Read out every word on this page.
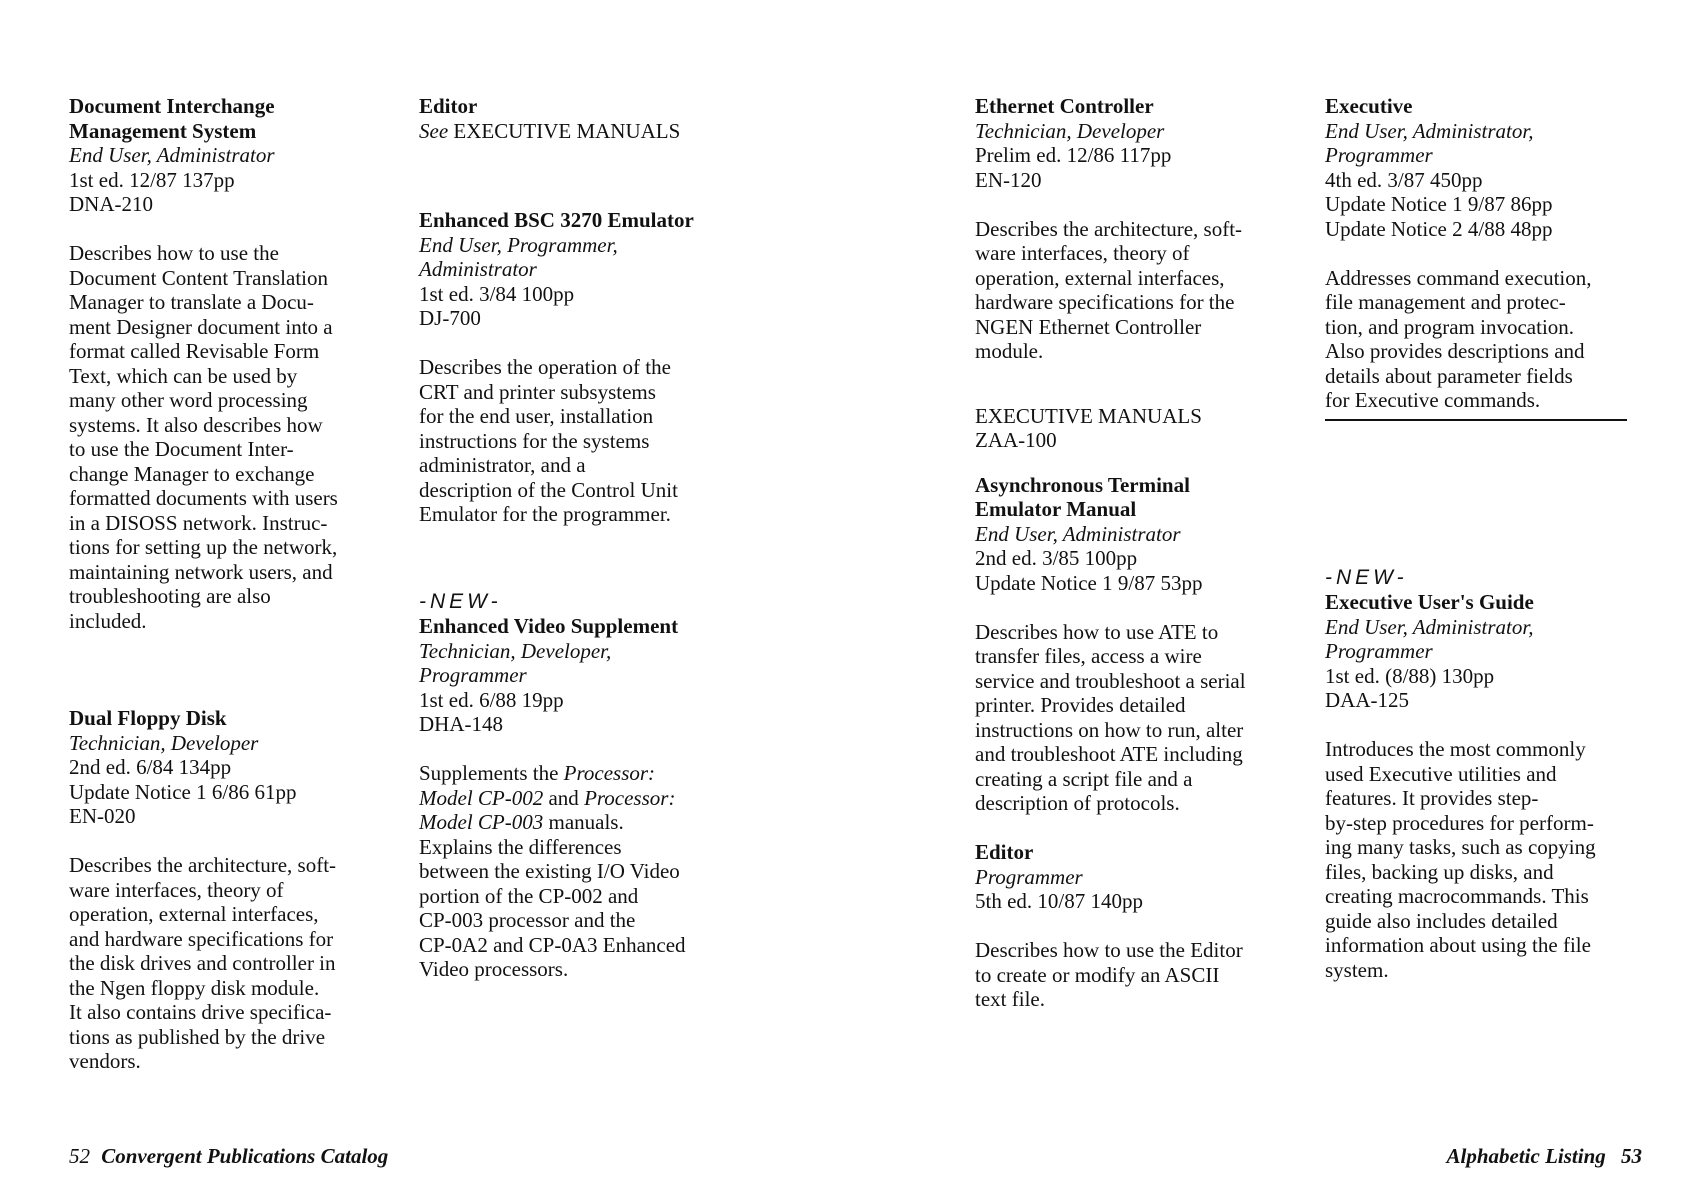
Document Interchange

Management System

End User, Administrator

1st ed. 12/87 137pp

DNA-210

Describes how to use the

Document Content Translation

Manager to translate a Docu-

ment Designer document into a

format called Revisable Form

Text, which can be used by

many other word processing

systems. It also describes how

to use the Document Inter-

change Manager to exchange

formatted documents with users

in a DISOSS network. Instruc-

tions for setting up the network,

maintaining network users, and

troubleshooting are also

included.

Dual Floppy Disk

Technician, Developer

2nd ed. 6/84 134pp

Update Notice 1 6/86 61pp

EN-020

Describes the architecture, soft-

ware interfaces, theory of

operation, external interfaces,

and hardware specifications for

the disk drives and controller in

the Ngen floppy disk module.

It also contains drive specifica-

tions as published by the drive

vendors.

Editor

See EXECUTIVE MANUALS

Enhanced BSC 3270 Emulator

End User, Programmer,

Administrator

1st ed. 3/84 100pp

DJ-700

Describes the operation of the

CRT and printer subsystems

for the end user, installation

instructions for the systems

administrator, and a

description of the Control Unit

Emulator for the programmer.

-NEW-

Enhanced Video Supplement

Technician, Developer,

Programmer

1st ed. 6/88 19pp

DHA-148

Supplements the Processor:

Model CP-002 and Processor:

Model CP-003 manuals.

Explains the differences

between the existing I/O Video

portion of the CP-002 and

CP-003 processor and the

CP-0A2 and CP-0A3 Enhanced

Video processors.

Ethernet Controller

Technician, Developer

Prelim ed. 12/86 117pp

EN-120

Describes the architecture, soft-

ware interfaces, theory of

operation, external interfaces,

hardware specifications for the

NGEN Ethernet Controller

module.

EXECUTIVE MANUALS

ZAA-100

Asynchronous Terminal

Emulator Manual

End User, Administrator

2nd ed. 3/85 100pp

Update Notice 1 9/87 53pp

Describes how to use ATE to

transfer files, access a wire

service and troubleshoot a serial

printer. Provides detailed

instructions on how to run, alter

and troubleshoot ATE including

creating a script file and a

description of protocols.

Editor

Programmer

5th ed. 10/87 140pp

Describes how to use the Editor

to create or modify an ASCII

text file.

Executive

End User, Administrator,

Programmer

4th ed. 3/87 450pp

Update Notice 1 9/87 86pp

Update Notice 2 4/88 48pp

Addresses command execution,

file management and protec-

tion, and program invocation.

Also provides descriptions and

details about parameter fields

for Executive commands.

-NEW-

Executive User's Guide

End User, Administrator,

Programmer

1st ed. (8/88) 130pp

DAA-125

Introduces the most commonly

used Executive utilities and

features. It provides step-

by-step procedures for perform-

ing many tasks, such as copying

files, backing up disks, and

creating macrocommands. This

guide also includes detailed

information about using the file

system.

52 Convergent Publications Catalog	Alphabetic Listing 53
